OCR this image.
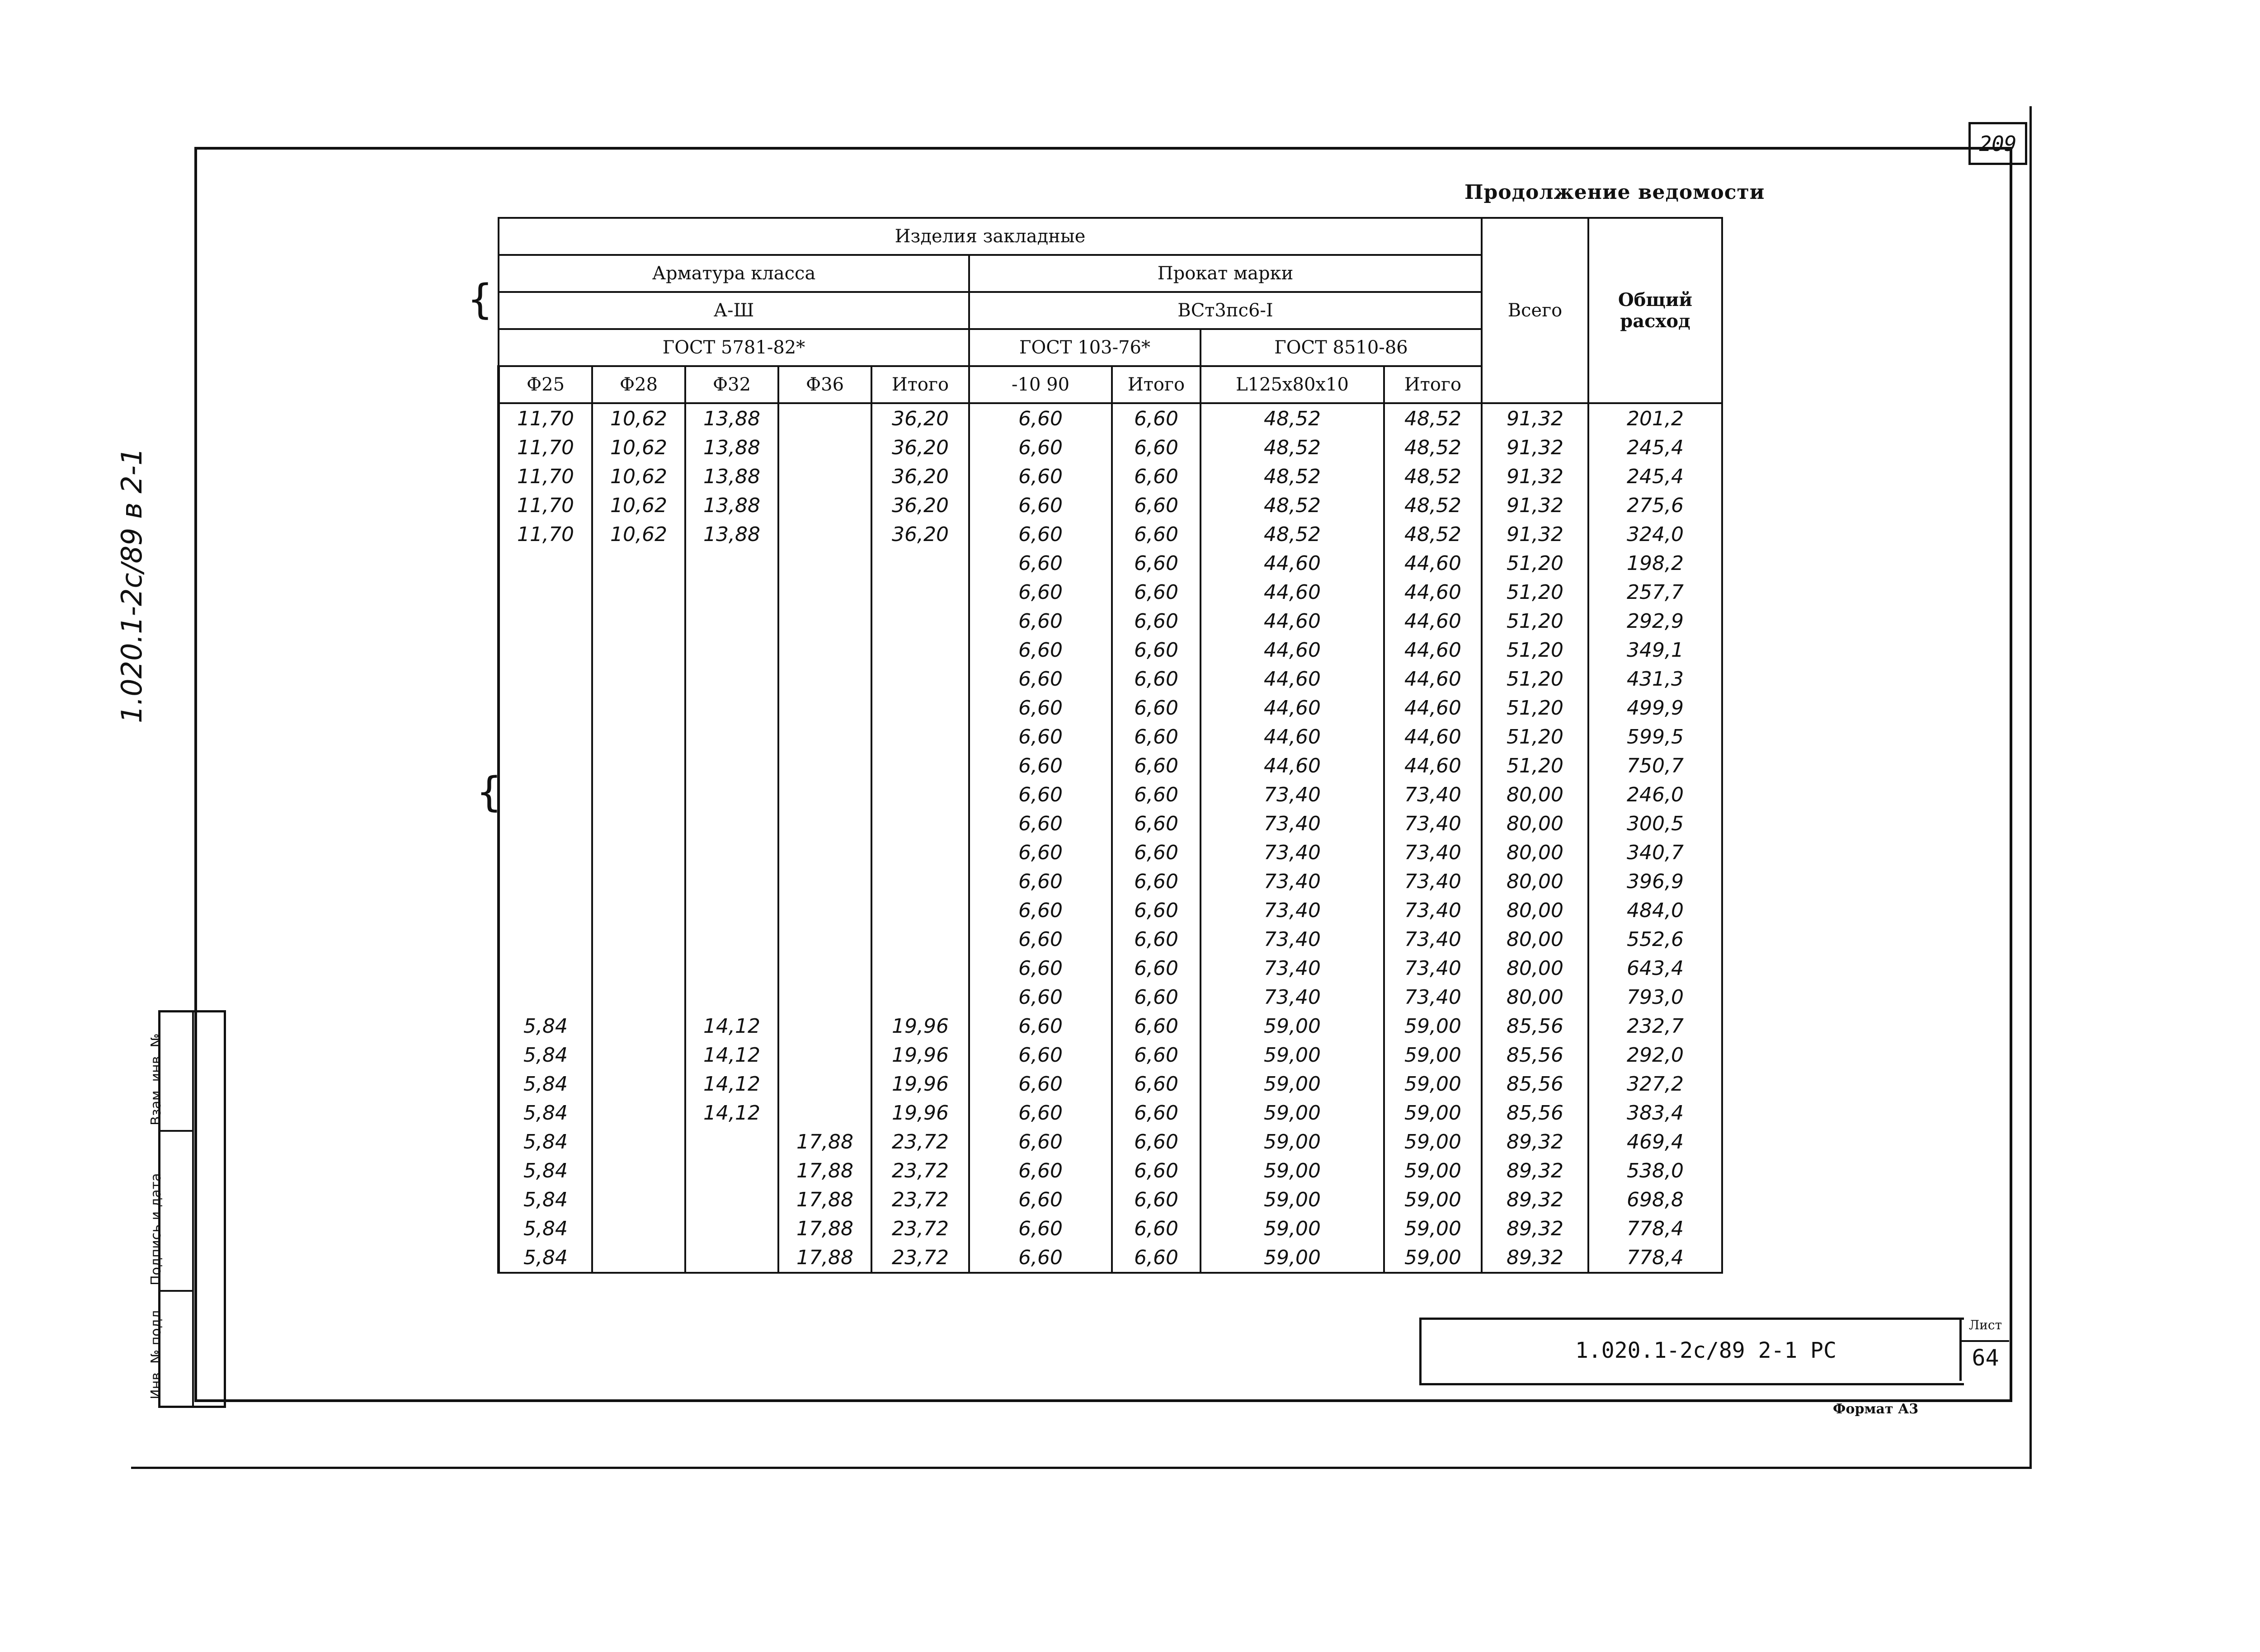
209
Продолжение ведомости
1.020.1-2с/89 в 2-1
Взам. инв. №
Подпись и дата
Инв. № подл.
{
{
Изделия закладные									Всего	Общий расход
Арматура класса					Прокат марки					
А-Ш					ВСт3пс6-I					
ГОСТ 5781-82*					ГОСТ 103-76*		ГОСТ 8510-86			
Ф25	Ф28	Ф32	Ф36	Итого	-10 90	Итого	L125х80х10	Итого		
11,70	10,62	13,88		36,20	6,60	6,60	48,52	48,52	91,32	201,2
11,70	10,62	13,88		36,20	6,60	6,60	48,52	48,52	91,32	245,4
11,70	10,62	13,88		36,20	6,60	6,60	48,52	48,52	91,32	245,4
11,70	10,62	13,88		36,20	6,60	6,60	48,52	48,52	91,32	275,6
11,70	10,62	13,88		36,20	6,60	6,60	48,52	48,52	91,32	324,0
					6,60	6,60	44,60	44,60	51,20	198,2
					6,60	6,60	44,60	44,60	51,20	257,7
					6,60	6,60	44,60	44,60	51,20	292,9
					6,60	6,60	44,60	44,60	51,20	349,1
					6,60	6,60	44,60	44,60	51,20	431,3
					6,60	6,60	44,60	44,60	51,20	499,9
					6,60	6,60	44,60	44,60	51,20	599,5
					6,60	6,60	44,60	44,60	51,20	750,7
					6,60	6,60	73,40	73,40	80,00	246,0
					6,60	6,60	73,40	73,40	80,00	300,5
					6,60	6,60	73,40	73,40	80,00	340,7
					6,60	6,60	73,40	73,40	80,00	396,9
					6,60	6,60	73,40	73,40	80,00	484,0
					6,60	6,60	73,40	73,40	80,00	552,6
					6,60	6,60	73,40	73,40	80,00	643,4
					6,60	6,60	73,40	73,40	80,00	793,0
5,84		14,12		19,96	6,60	6,60	59,00	59,00	85,56	232,7
5,84		14,12		19,96	6,60	6,60	59,00	59,00	85,56	292,0
5,84		14,12		19,96	6,60	6,60	59,00	59,00	85,56	327,2
5,84		14,12		19,96	6,60	6,60	59,00	59,00	85,56	383,4
5,84			17,88	23,72	6,60	6,60	59,00	59,00	89,32	469,4
5,84			17,88	23,72	6,60	6,60	59,00	59,00	89,32	538,0
5,84			17,88	23,72	6,60	6,60	59,00	59,00	89,32	698,8
5,84			17,88	23,72	6,60	6,60	59,00	59,00	89,32	778,4
5,84			17,88	23,72	6,60	6,60	59,00	59,00	89,32	778,4
1.020.1-2с/89 2-1 РС
Лист
64
Формат А3
